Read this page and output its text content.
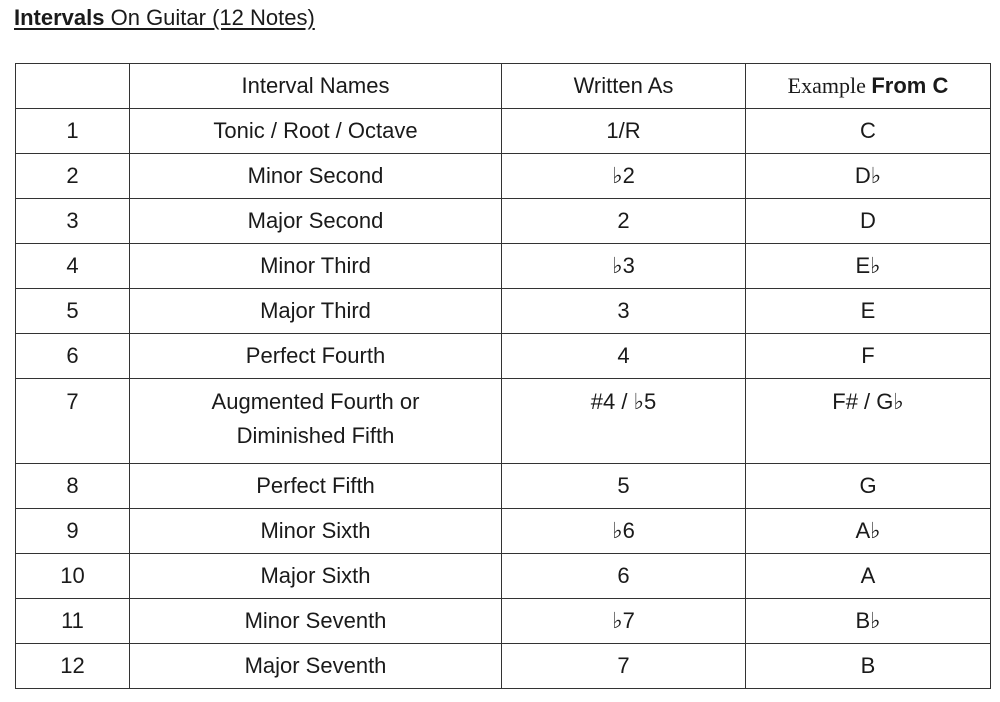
Intervals On Guitar (12 Notes)
	Interval Names	Written As	Example From C
1	Tonic / Root / Octave	1/R	C
2	Minor Second	♭2	D♭
3	Major Second	2	D
4	Minor Third	♭3	E♭
5	Major Third	3	E
6	Perfect Fourth	4	F
7	Augmented Fourth or
Diminished Fifth	#4 / ♭5	F# / G♭
8	Perfect Fifth	5	G
9	Minor Sixth	♭6	A♭
10	Major Sixth	6	A
11	Minor Seventh	♭7	B♭
12	Major Seventh	7	B
